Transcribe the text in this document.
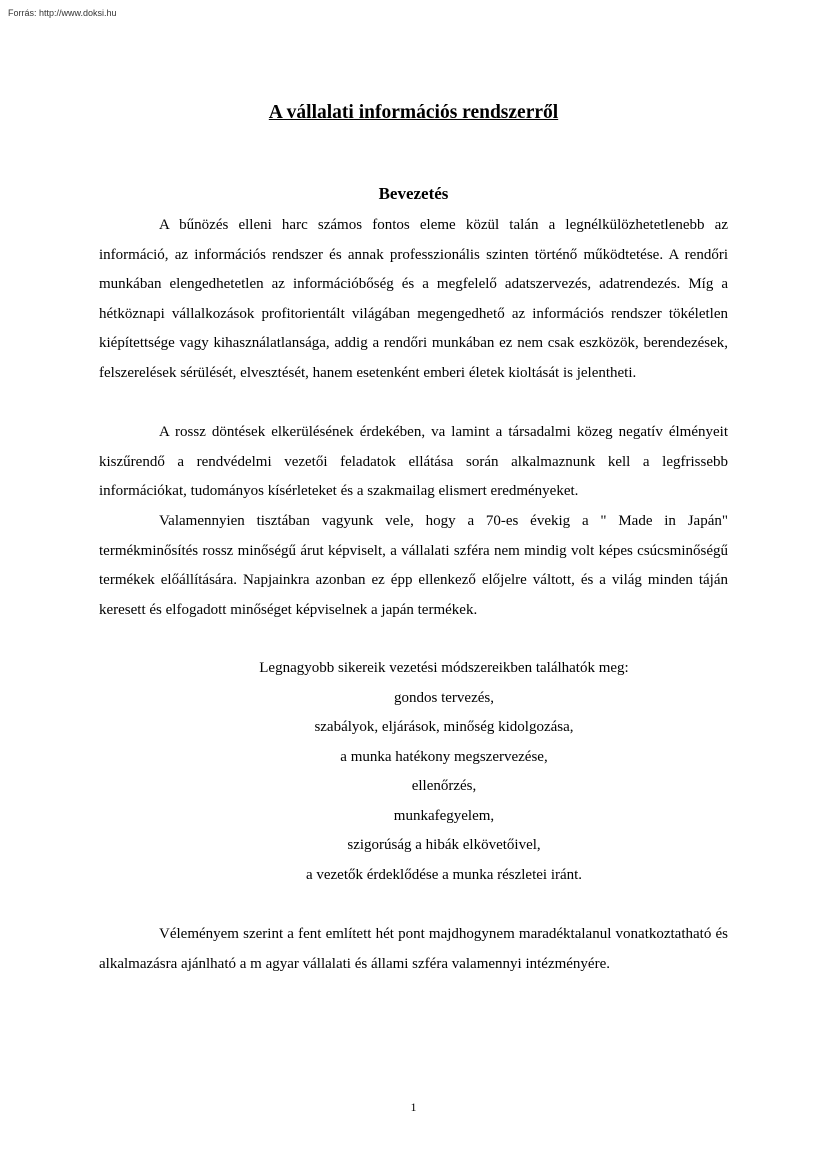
Forrás: http://www.doksi.hu
A vállalati információs rendszerről
Bevezetés

A bűnözés elleni harc számos fontos eleme közül talán a legnélkülözhetetlenebb az információ, az információs rendszer és annak professzionális szinten történő működtetése. A rendőri munkában elengedhetetlen az információbőség és a megfelelő adatszervezés, adatrendezés. Míg a hétköznapi vállalkozások profitorientált világában megengedhető az információs rendszer tökéletlen kiépítettsége vagy kihasználatlansága, addig a rendőri munkában ez nem csak eszközök, berendezések, felszerelések sérülését, elvesztését, hanem esetenként emberi életek kioltását is jelentheti.

A rossz döntések elkerülésének érdekében, va lamint a társadalmi közeg negatív élményeit kiszűrendő a rendvédelmi vezetői feladatok ellátása során alkalmaznunk kell a legfrissebb információkat, tudományos kísérleteket és a szakmailag elismert eredményeket.

Valamennyien tisztában vagyunk vele, hogy a 70-es évekig a " Made in Japán" termékminősítés rossz minőségű árut képviselt, a vállalati szféra nem mindig volt képes csúcsminőségű termékek előállítására. Napjainkra azonban ez épp ellenkező előjelre váltott, és a világ minden táján keresett és elfogadott minőséget képviselnek a japán termékek.

Legnagyobb sikereik vezetési módszereikben találhatók meg:
gondos tervezés,
szabályok, eljárások, minőség kidolgozása,
a munka hatékony megszervezése,
ellenőrzés,
munkafegyelem,
szigorúság a hibák elkövetőivel,
a vezetők érdeklődése a munka részletei iránt.

Véleményem szerint a fent említett hét pont majdhogynem maradéktalanul vonatkoztatható és alkalmazásra ajánlható a m agyar vállalati és állami szféra valamennyi intézményére.

1
